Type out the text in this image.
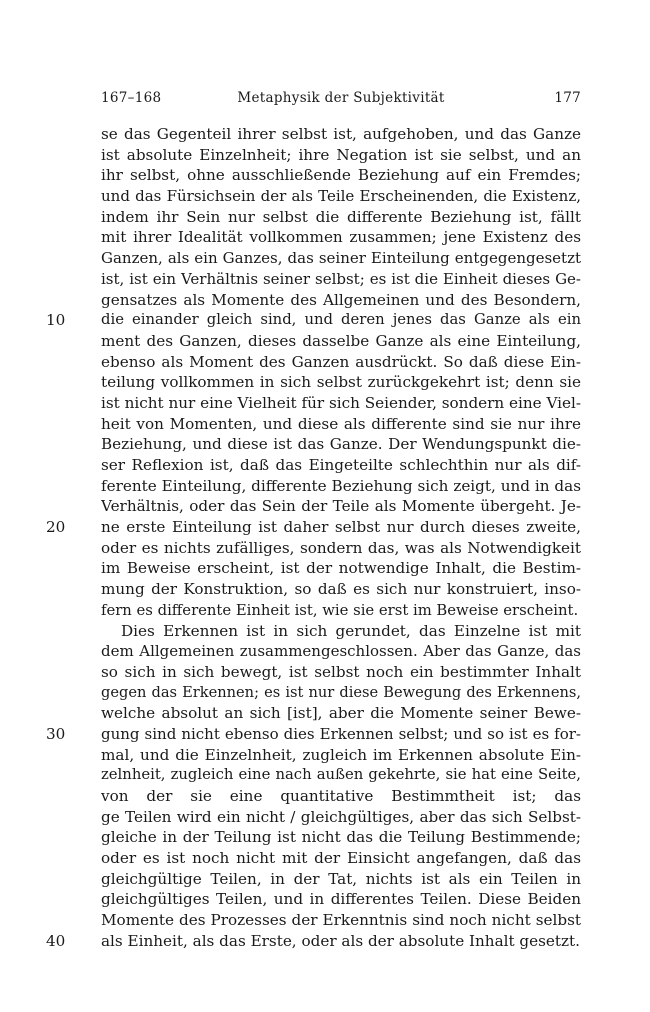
167–168	Metaphysik der Subjektivität	177
se das Gegenteil ihrer selbst ist, aufgehoben, und das Ganze
ist absolute Einzelnheit; ihre Negation ist sie selbst, und an
ihr selbst, ohne ausschließende Beziehung auf ein Fremdes;
und das Fürsichsein der als Teile Erscheinenden, die Existenz,
indem ihr Sein nur selbst die differente Beziehung ist, fällt
mit ihrer Idealität vollkommen zusammen; jene Existenz des
Ganzen, als ein Ganzes, das seiner Einteilung entgegengesetzt
ist, ist ein Verhältnis seiner selbst; es ist die Einheit dieses Ge-
gensatzes als Momente des Allgemeinen und des Besondern,
die einander gleich sind, und deren jenes das Ganze als ein
10
ment des Ganzen, dieses dasselbe Ganze als eine Einteilung,
ebenso als Moment des Ganzen ausdrückt. So daß diese Ein-
teilung vollkommen in sich selbst zurückgekehrt ist; denn sie
ist nicht nur eine Vielheit für sich Seiender, sondern eine Viel-
heit von Momenten, und diese als differente sind sie nur ihre
Beziehung, und diese ist das Ganze. Der Wendungspunkt die-
ser Reflexion ist, daß das Eingeteilte schlechthin nur als dif-
ferente Einteilung, differente Beziehung sich zeigt, und in das
Verhältnis, oder das Sein der Teile als Momente übergeht. Je-
ne erste Einteilung ist daher selbst nur durch dieses zweite,
20
oder es nichts zufälliges, sondern das, was als Notwendigkeit
im Beweise erscheint, ist der notwendige Inhalt, die Bestim-
mung der Konstruktion, so daß es sich nur konstruiert, inso-
fern es differente Einheit ist, wie sie erst im Beweise erscheint.
Dies Erkennen ist in sich gerundet, das Einzelne ist mit
dem Allgemeinen zusammengeschlossen. Aber das Ganze, das
so sich in sich bewegt, ist selbst noch ein bestimmter Inhalt
gegen das Erkennen; es ist nur diese Bewegung des Erkennens,
welche absolut an sich [ist], aber die Momente seiner Bewe-
gung sind nicht ebenso dies Erkennen selbst; und so ist es for-
30
mal, und die Einzelnheit, zugleich im Erkennen absolute Ein-
zelnheit, zugleich eine nach außen gekehrte, sie hat eine Seite,
von der sie eine quantitative Bestimmtheit ist; das
ge Teilen wird ein nicht / gleichgültiges, aber das sich Selbst-
gleiche in der Teilung ist nicht das die Teilung Bestimmende;
oder es ist noch nicht mit der Einsicht angefangen, daß das
gleichgültige Teilen, in der Tat, nichts ist als ein Teilen in
gleichgültiges Teilen, und in differentes Teilen. Diese Beiden
Momente des Prozesses der Erkenntnis sind noch nicht selbst
als Einheit, als das Erste, oder als der absolute Inhalt gesetzt.
40
